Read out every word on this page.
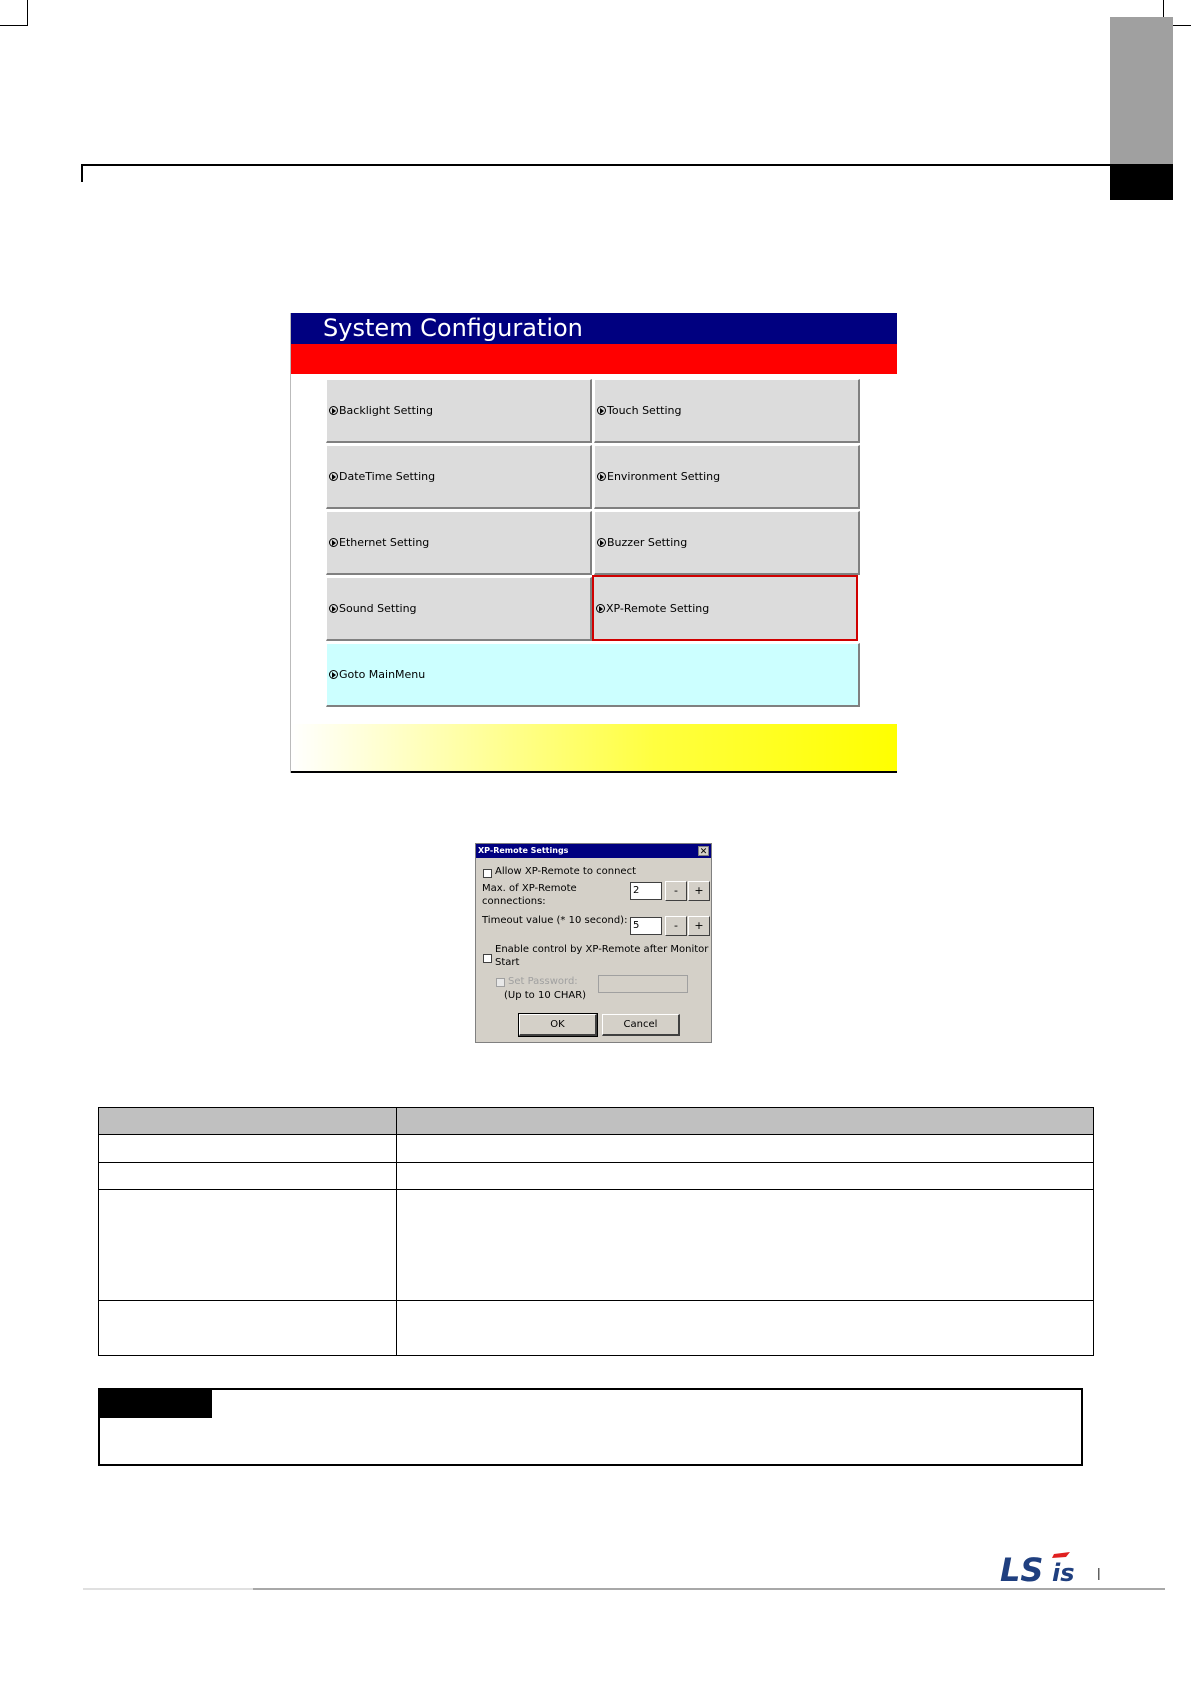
System Configuration
Backlight Setting	Touch Setting
DateTime Setting	Environment Setting
Ethernet Setting	Buzzer Setting
Sound Setting	XP-Remote Setting
Goto MainMenu
XP-Remote Settings	✕
Allow XP-Remote to connect
Max. of XP-Remote
connections:
2	-	+
Timeout value (* 10 second): 5	-	+
Enable control by XP-Remote after Monitor
Start
Set Password:
(Up to 10 CHAR)
OK	Cancel

LS is
